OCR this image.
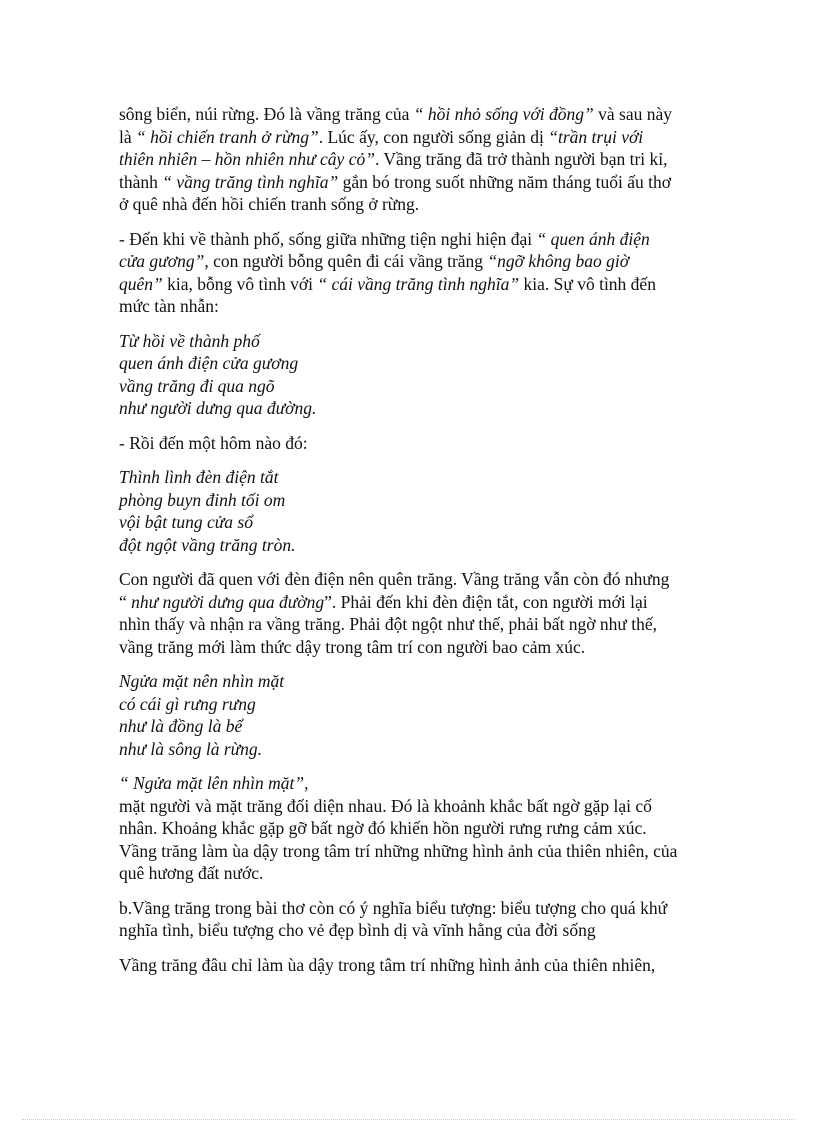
sông biển, núi rừng. Đó là vầng trăng của “ hồi nhỏ sống với đồng” và sau này
là “ hồi chiến tranh ở rừng”. Lúc ấy, con người sống giản dị “trần trụi với
thiên nhiên – hồn nhiên như cây cỏ”. Vầng trăng đã trở thành người bạn tri kỉ,
thành “ vầng trăng tình nghĩa” gắn bó trong suốt những năm tháng tuổi ấu thơ
ở quê nhà đến hồi chiến tranh sống ở rừng.
- Đến khi về thành phố, sống giữa những tiện nghi hiện đại “ quen ánh điện
cửa gương”, con người bỗng quên đi cái vầng trăng “ngỡ không bao giờ
quên” kia, bỗng vô tình với “ cái vầng trăng tình nghĩa” kia. Sự vô tình đến
mức tàn nhẫn:
Từ hồi về thành phố
quen ánh điện cửa gương
vầng trăng đi qua ngõ
như người dưng qua đường.
- Rồi đến một hôm nào đó:
Thình lình đèn điện tắt
phòng buyn đinh tối om
vội bật tung cửa sổ
đột ngột vầng trăng tròn.
Con người đã quen với đèn điện nên quên trăng. Vầng trăng vẫn còn đó nhưng
“ như người dưng qua đường”. Phải đến khi đèn điện tắt, con người mới lại
nhìn thấy và nhận ra vầng trăng. Phải đột ngột như thế, phải bất ngờ như thế,
vầng trăng mới làm thức dậy trong tâm trí con người bao cảm xúc.
Ngửa mặt nên nhìn mặt
có cái gì rưng rưng
như là đồng là bể
như là sông là rừng.
“ Ngửa mặt lên nhìn mặt”,
mặt người và mặt trăng đối diện nhau. Đó là khoảnh khắc bất ngờ gặp lại cố
nhân. Khoảng khắc gặp gỡ bất ngờ đó khiến hồn người rưng rưng cảm xúc.
Vầng trăng làm ùa dậy trong tâm trí những những hình ảnh của thiên nhiên, của
quê hương đất nước.
b.Vầng trăng trong bài thơ còn có ý nghĩa biểu tượng: biểu tượng cho quá khứ
nghĩa tình, biểu tượng cho vẻ đẹp bình dị và vĩnh hằng của đời sống
Vầng trăng đâu chỉ làm ùa dậy trong tâm trí những hình ảnh của thiên nhiên,
